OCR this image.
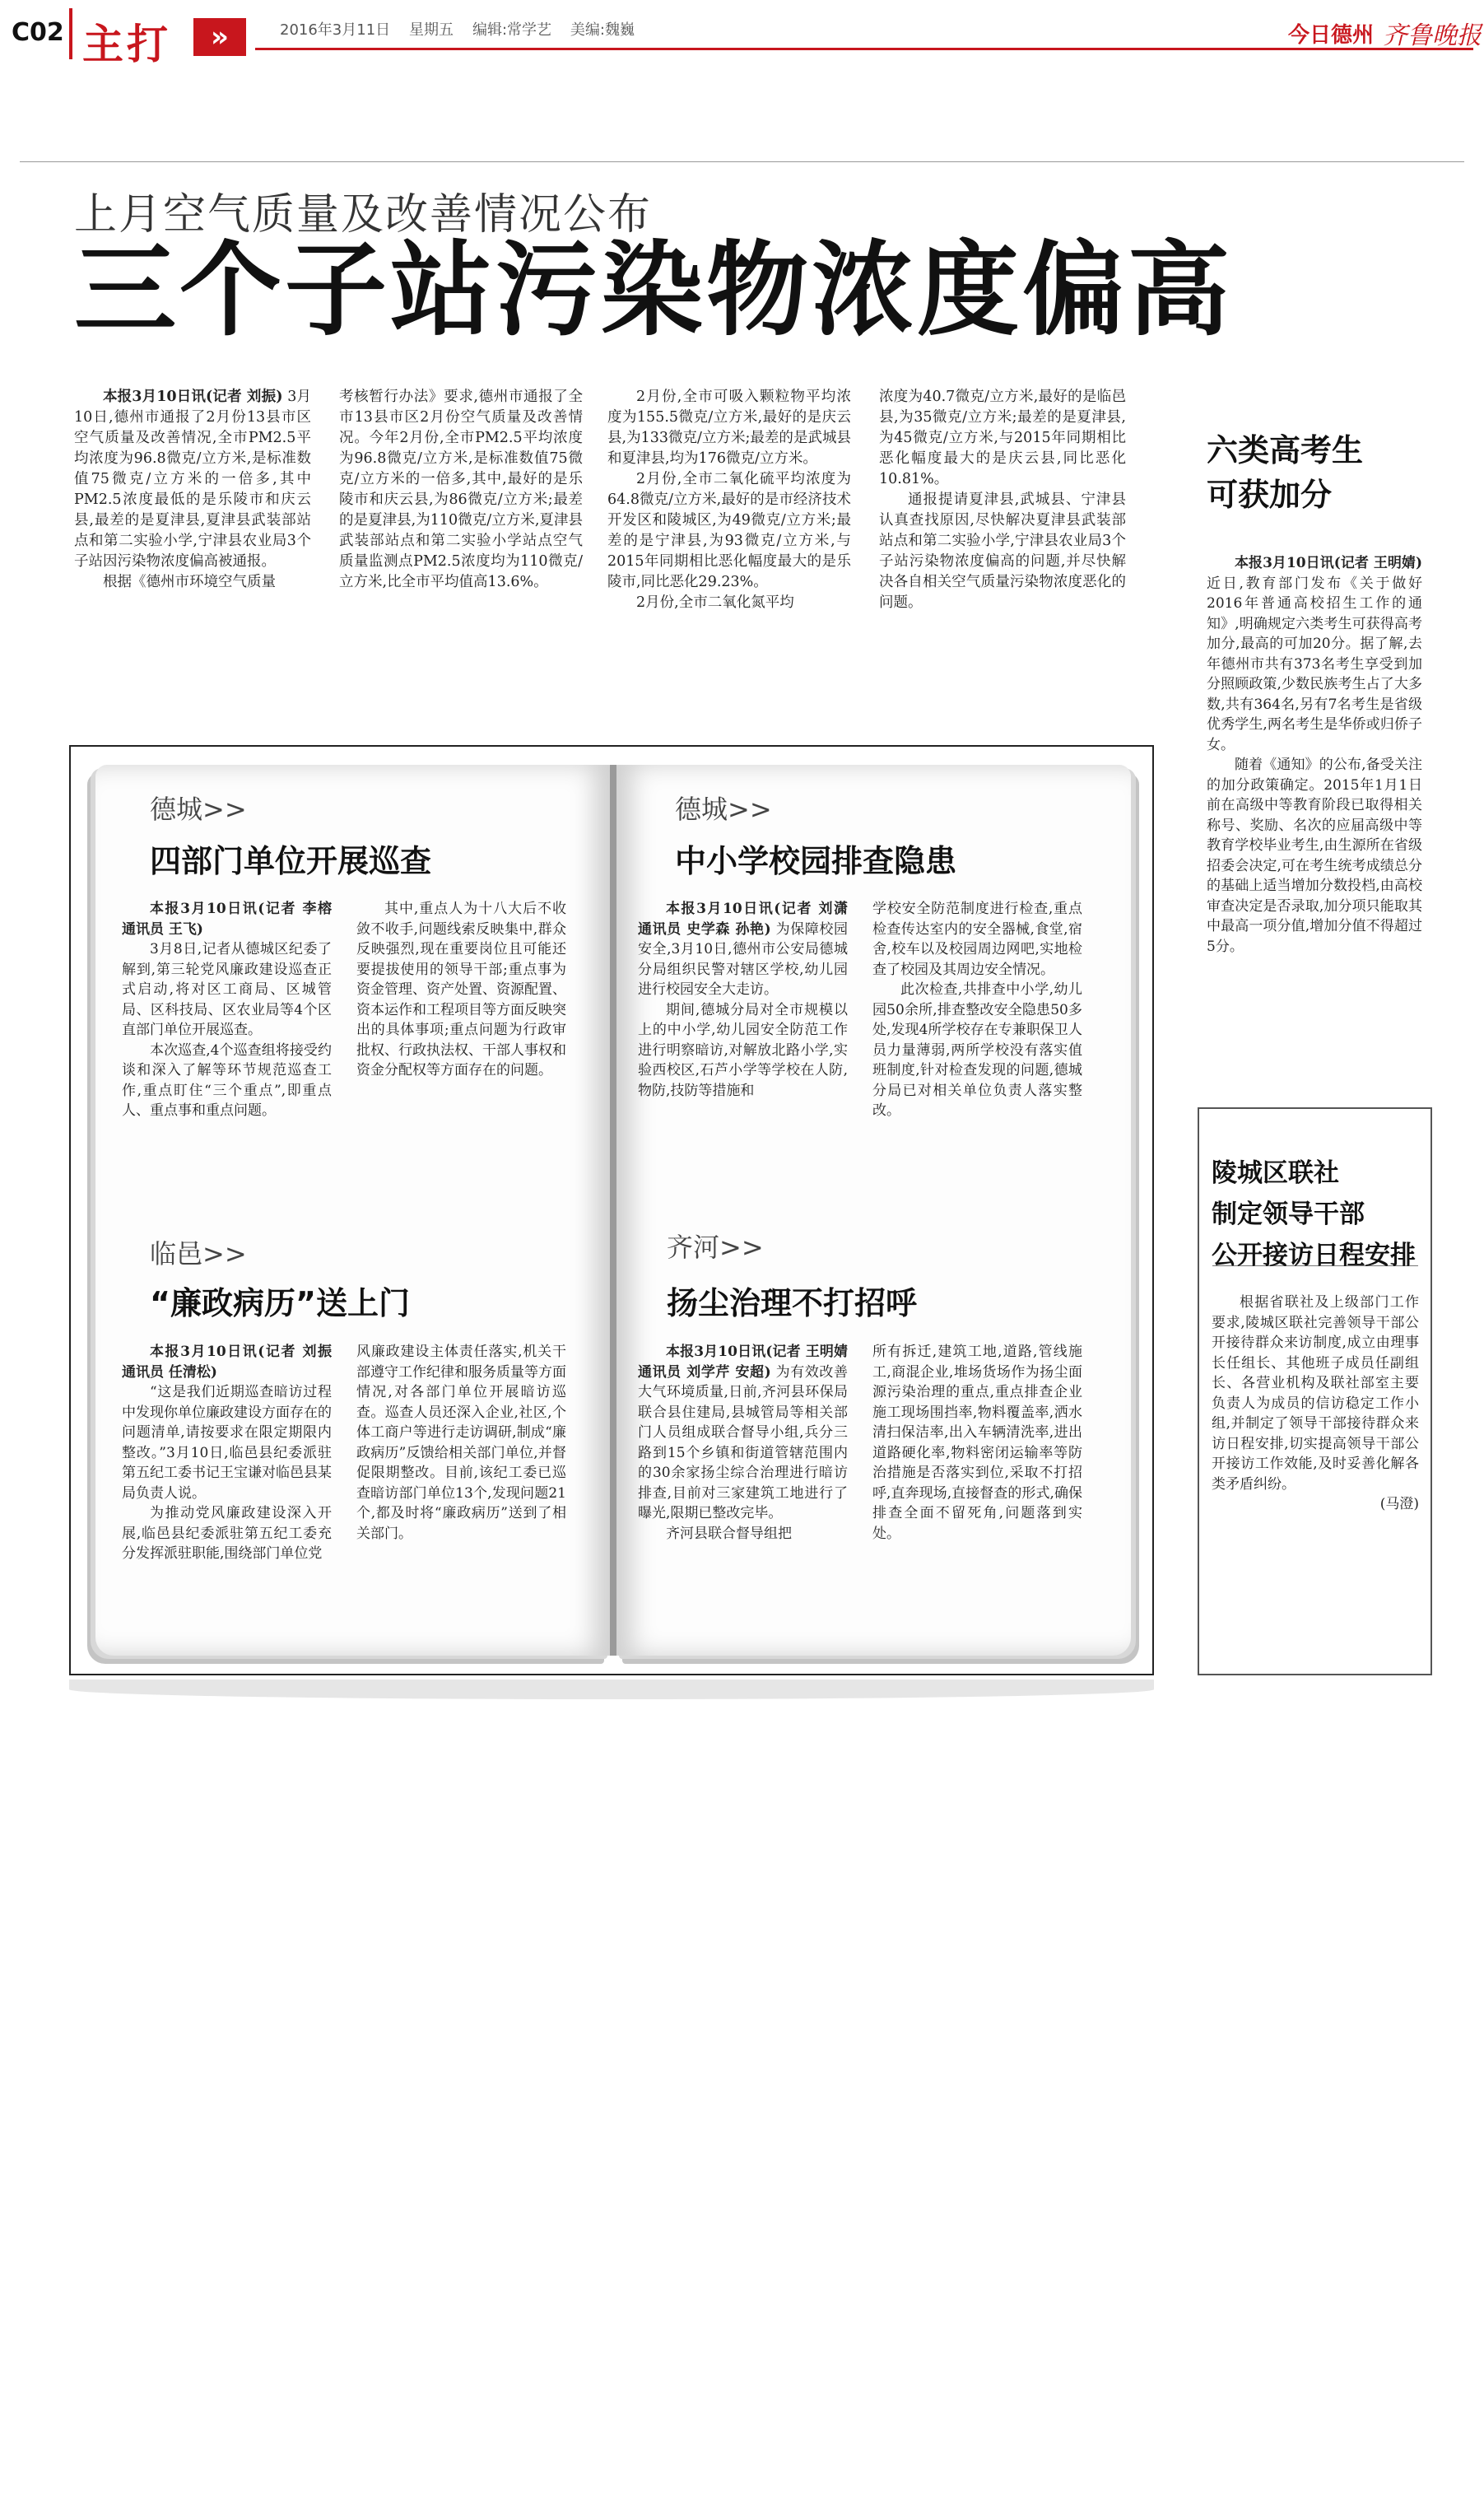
C02 主打	»	2016年3月11日    星期五    编辑:常学艺    美编:魏巍	今日德州 齐鲁晚报
上月空气质量及改善情况公布
三个子站污染物浓度偏高

本报3月10日讯(记者 刘振) 3月10日,德州市通报了2月份13县市区空气质量及改善情况,全市PM2.5平均浓度为96.8微克/立方米,是标准数值75微克/立方米的一倍多,其中PM2.5浓度最低的是乐陵市和庆云县,最差的是夏津县,夏津县武装部站点和第二实验小学,宁津县农业局3个子站因污染物浓度偏高被通报。

根据《德州市环境空气质量

考核暂行办法》要求,德州市通报了全市13县市区2月份空气质量及改善情况。今年2月份,全市PM2.5平均浓度为96.8微克/立方米,是标准数值75微克/立方米的一倍多,其中,最好的是乐陵市和庆云县,为86微克/立方米;最差的是夏津县,为110微克/立方米,夏津县武装部站点和第二实验小学站点空气质量监测点PM2.5浓度均为110微克/立方米,比全市平均值高13.6%。

2月份,全市可吸入颗粒物平均浓度为155.5微克/立方米,最好的是庆云县,为133微克/立方米;最差的是武城县和夏津县,均为176微克/立方米。

2月份,全市二氧化硫平均浓度为64.8微克/立方米,最好的是市经济技术开发区和陵城区,为49微克/立方米;最差的是宁津县,为93微克/立方米,与2015年同期相比恶化幅度最大的是乐陵市,同比恶化29.23%。

2月份,全市二氧化氮平均

浓度为40.7微克/立方米,最好的是临邑县,为35微克/立方米;最差的是夏津县,为45微克/立方米,与2015年同期相比恶化幅度最大的是庆云县,同比恶化10.81%。

通报提请夏津县,武城县、宁津县认真查找原因,尽快解决夏津县武装部站点和第二实验小学,宁津县农业局3个子站污染物浓度偏高的问题,并尽快解决各自相关空气质量污染物浓度恶化的问题。

六类高考生
可获加分

本报3月10日讯(记者 王明婧) 近日,教育部门发布《关于做好2016年普通高校招生工作的通知》,明确规定六类考生可获得高考加分,最高的可加20分。据了解,去年德州市共有373名考生享受到加分照顾政策,少数民族考生占了大多数,共有364名,另有7名考生是省级优秀学生,两名考生是华侨或归侨子女。

随着《通知》的公布,备受关注的加分政策确定。2015年1月1日前在高级中等教育阶段已取得相关称号、奖励、名次的应届高级中等教育学校毕业考生,由生源所在省级招委会决定,可在考生统考成绩总分的基础上适当增加分数投档,由高校审查决定是否录取,加分项只能取其中最高一项分值,增加分值不得超过5分。

陵城区联社
制定领导干部
公开接访日程安排

根据省联社及上级部门工作要求,陵城区联社完善领导干部公开接待群众来访制度,成立由理事长任组长、其他班子成员任副组长、各营业机构及联社部室主要负责人为成员的信访稳定工作小组,并制定了领导干部接待群众来访日程安排,切实提高领导干部公开接访工作效能,及时妥善化解各类矛盾纠纷。

(马澄)

德城>>
四部门单位开展巡查

本报3月10日讯(记者 李榕 通讯员 王飞)

3月8日,记者从德城区纪委了解到,第三轮党风廉政建设巡查正式启动,将对区工商局、区城管局、区科技局、区农业局等4个区直部门单位开展巡查。

本次巡查,4个巡查组将接受约谈和深入了解等环节规范巡查工作,重点盯住“三个重点”,即重点人、重点事和重点问题。

其中,重点人为十八大后不收敛不收手,问题线索反映集中,群众反映强烈,现在重要岗位且可能还要提拔使用的领导干部;重点事为资金管理、资产处置、资源配置、资本运作和工程项目等方面反映突出的具体事项;重点问题为行政审批权、行政执法权、干部人事权和资金分配权等方面存在的问题。

临邑>>
“廉政病历”送上门

本报3月10日讯(记者 刘振 通讯员 任清松)

“这是我们近期巡查暗访过程中发现你单位廉政建设方面存在的问题清单,请按要求在限定期限内整改。”3月10日,临邑县纪委派驻第五纪工委书记王宝谦对临邑县某局负责人说。

为推动党风廉政建设深入开展,临邑县纪委派驻第五纪工委充分发挥派驻职能,围绕部门单位党

风廉政建设主体责任落实,机关干部遵守工作纪律和服务质量等方面情况,对各部门单位开展暗访巡查。巡查人员还深入企业,社区,个体工商户等进行走访调研,制成“廉政病历”反馈给相关部门单位,并督促限期整改。目前,该纪工委已巡查暗访部门单位13个,发现问题21个,都及时将“廉政病历”送到了相关部门。

德城>>
中小学校园排查隐患

本报3月10日讯(记者 刘潇 通讯员 史学森 孙艳) 为保障校园安全,3月10日,德州市公安局德城分局组织民警对辖区学校,幼儿园进行校园安全大走访。

期间,德城分局对全市规模以上的中小学,幼儿园安全防范工作进行明察暗访,对解放北路小学,实验西校区,石芦小学等学校在人防,物防,技防等措施和

学校安全防范制度进行检查,重点检查传达室内的安全器械,食堂,宿舍,校车以及校园周边网吧,实地检查了校园及其周边安全情况。

此次检查,共排查中小学,幼儿园50余所,排查整改安全隐患50多处,发现4所学校存在专兼职保卫人员力量薄弱,两所学校没有落实值班制度,针对检查发现的问题,德城分局已对相关单位负责人落实整改。

齐河>>
扬尘治理不打招呼

本报3月10日讯(记者 王明婧 通讯员 刘学芹 安超) 为有效改善大气环境质量,日前,齐河县环保局联合县住建局,县城管局等相关部门人员组成联合督导小组,兵分三路到15个乡镇和街道管辖范围内的30余家扬尘综合治理进行暗访排查,目前对三家建筑工地进行了曝光,限期已整改完毕。

齐河县联合督导组把

所有拆迁,建筑工地,道路,管线施工,商混企业,堆场货场作为扬尘面源污染治理的重点,重点排查企业施工现场围挡率,物料覆盖率,洒水清扫保洁率,出入车辆清洗率,进出道路硬化率,物料密闭运输率等防治措施是否落实到位,采取不打招呼,直奔现场,直接督查的形式,确保排查全面不留死角,问题落到实处。
